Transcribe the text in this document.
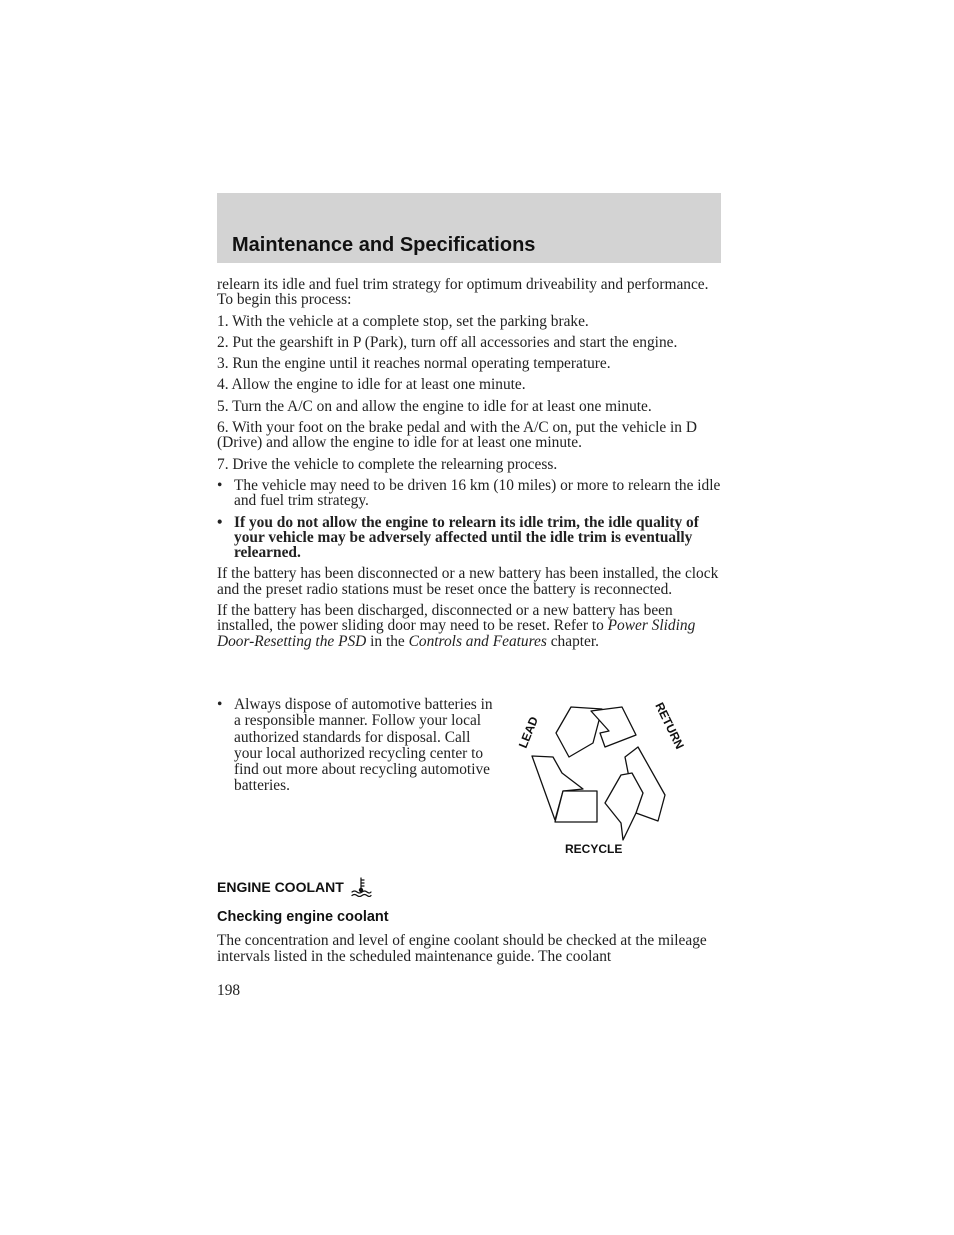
Maintenance and Specifications

relearn its idle and fuel trim strategy for optimum driveability and performance. To begin this process:

1. With the vehicle at a complete stop, set the parking brake.

2. Put the gearshift in P (Park), turn off all accessories and start the engine.

3. Run the engine until it reaches normal operating temperature.

4. Allow the engine to idle for at least one minute.

5. Turn the A/C on and allow the engine to idle for at least one minute.

6. With your foot on the brake pedal and with the A/C on, put the vehicle in D (Drive) and allow the engine to idle for at least one minute.

7. Drive the vehicle to complete the relearning process.

• The vehicle may need to be driven 16 km (10 miles) or more to relearn the idle and fuel trim strategy.
• If you do not allow the engine to relearn its idle trim, the idle quality of your vehicle may be adversely affected until the idle trim is eventually relearned.

If the battery has been disconnected or a new battery has been installed, the clock and the preset radio stations must be reset once the battery is reconnected.

If the battery has been discharged, disconnected or a new battery has been installed, the power sliding door may need to be reset. Refer to Power Sliding Door-Resetting the PSD in the Controls and Features chapter.

• Always dispose of automotive batteries in a responsible manner. Follow your local authorized standards for disposal. Call your local authorized recycling center to find out more about recycling automotive batteries.
LEAD	RETURN
RECYCLE
ENGINE COOLANT
Checking engine coolant

The concentration and level of engine coolant should be checked at the mileage intervals listed in the scheduled maintenance guide. The coolant

198
